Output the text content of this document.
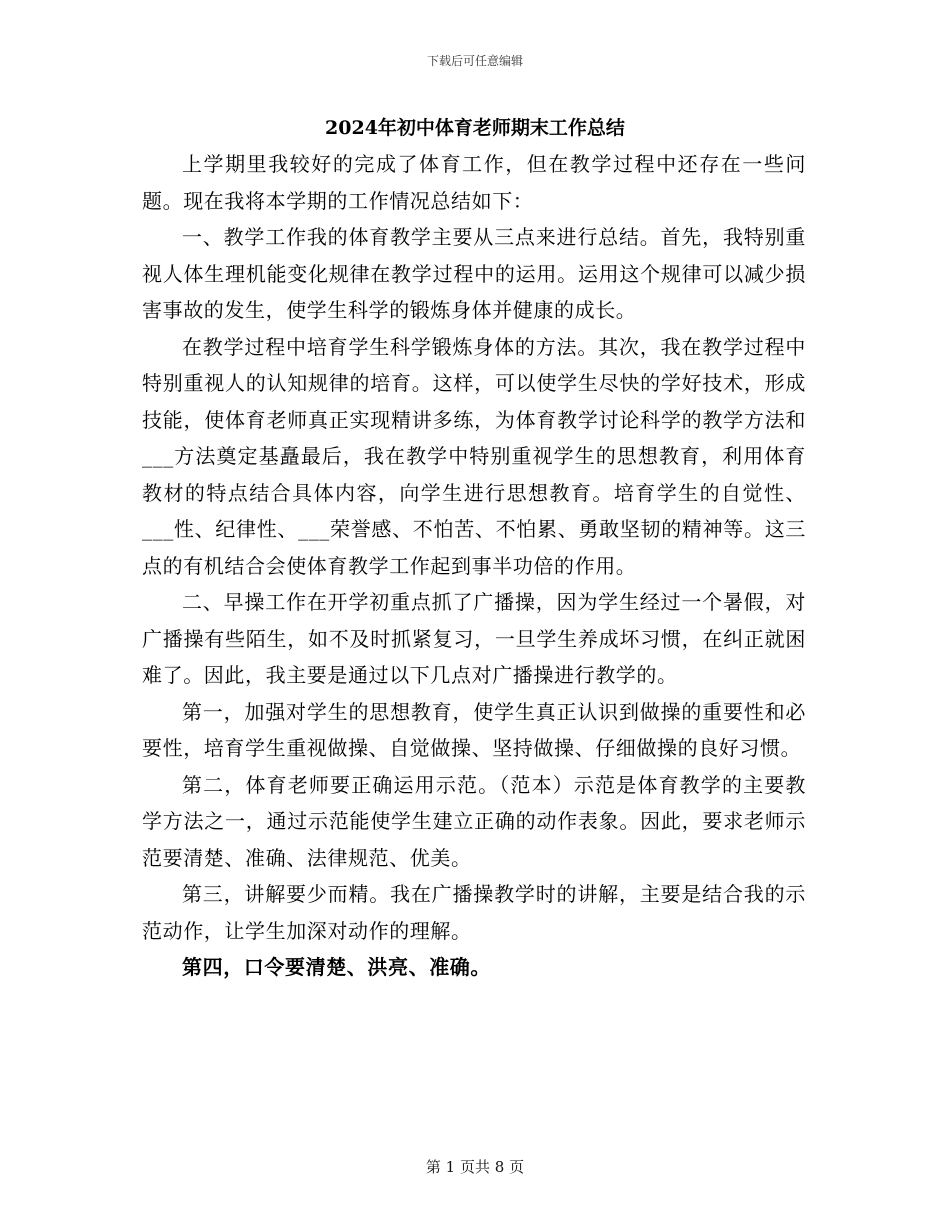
下载后可任意编辑
2024年初中体育老师期末工作总结

上学期里我较好的完成了体育工作，但在教学过程中还存在一些问题。现在我将本学期的工作情况总结如下：

一、教学工作我的体育教学主要从三点来进行总结。首先，我特别重视人体生理机能变化规律在教学过程中的运用。运用这个规律可以减少损害事故的发生，使学生科学的锻炼身体并健康的成长。

在教学过程中培育学生科学锻炼身体的方法。其次，我在教学过程中特别重视人的认知规律的培育。这样，可以使学生尽快的学好技术，形成技能，使体育老师真正实现精讲多练，为体育教学讨论科学的教学方法和___方法奠定基矗最后，我在教学中特别重视学生的思想教育，利用体育教材的特点结合具体内容，向学生进行思想教育。培育学生的自觉性、___性、纪律性、___荣誉感、不怕苦、不怕累、勇敢坚韧的精神等。这三点的有机结合会使体育教学工作起到事半功倍的作用。

二、早操工作在开学初重点抓了广播操，因为学生经过一个暑假，对广播操有些陌生，如不及时抓紧复习，一旦学生养成坏习惯，在纠正就困难了。因此，我主要是通过以下几点对广播操进行教学的。

第一，加强对学生的思想教育，使学生真正认识到做操的重要性和必要性，培育学生重视做操、自觉做操、坚持做操、仔细做操的良好习惯。

第二，体育老师要正确运用示范。（范本）示范是体育教学的主要教学方法之一，通过示范能使学生建立正确的动作表象。因此，要求老师示范要清楚、准确、法律规范、优美。

第三，讲解要少而精。我在广播操教学时的讲解，主要是结合我的示范动作，让学生加深对动作的理解。

第四，口令要清楚、洪亮、准确。

第 1 页共 8 页
